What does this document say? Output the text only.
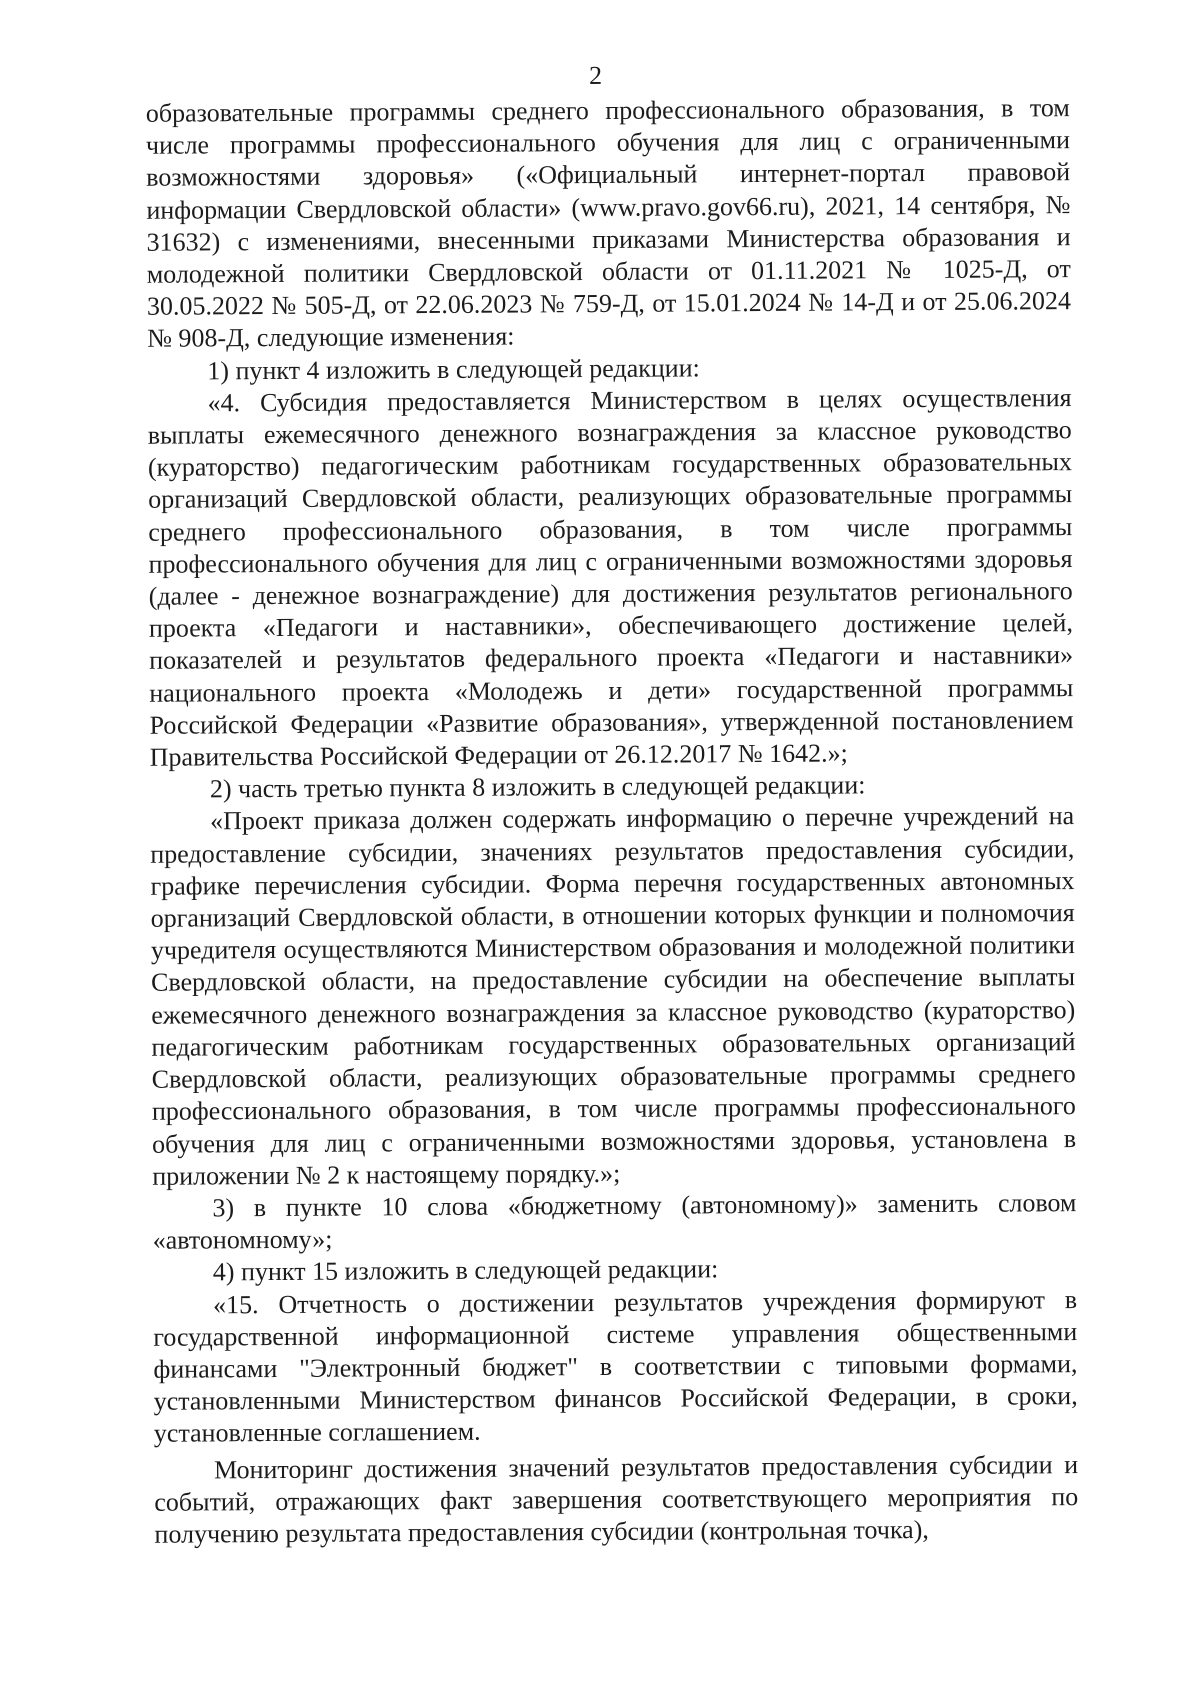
2

образовательные программы среднего профессионального образования, в том числе программы профессионального обучения для лиц с ограниченными возможностями здоровья» («Официальный интернет-портал правовой информации Свердловской области» (www.pravo.gov66.ru), 2021, 14 сентября, № 31632) с изменениями, внесенными приказами Министерства образования и молодежной политики Свердловской области от 01.11.2021 № 1025-Д, от 30.05.2022 № 505-Д, от 22.06.2023 № 759-Д, от 15.01.2024 № 14-Д и от 25.06.2024 № 908-Д, следующие изменения:

1) пункт 4 изложить в следующей редакции:

«4. Субсидия предоставляется Министерством в целях осуществления выплаты ежемесячного денежного вознаграждения за классное руководство (кураторство) педагогическим работникам государственных образовательных организаций Свердловской области, реализующих образовательные программы среднего профессионального образования, в том числе программы профессионального обучения для лиц с ограниченными возможностями здоровья (далее - денежное вознаграждение) для достижения результатов регионального проекта «Педагоги и наставники», обеспечивающего достижение целей, показателей и результатов федерального проекта «Педагоги и наставники» национального проекта «Молодежь и дети» государственной программы Российской Федерации «Развитие образования», утвержденной постановлением Правительства Российской Федерации от 26.12.2017 № 1642.»;

2) часть третью пункта 8 изложить в следующей редакции:

«Проект приказа должен содержать информацию о перечне учреждений на предоставление субсидии, значениях результатов предоставления субсидии, графике перечисления субсидии. Форма перечня государственных автономных организаций Свердловской области, в отношении которых функции и полномочия учредителя осуществляются Министерством образования и молодежной политики Свердловской области, на предоставление субсидии на обеспечение выплаты ежемесячного денежного вознаграждения за классное руководство (кураторство) педагогическим работникам государственных образовательных организаций Свердловской области, реализующих образовательные программы среднего профессионального образования, в том числе программы профессионального обучения для лиц с ограниченными возможностями здоровья, установлена в приложении № 2 к настоящему порядку.»;

3) в пункте 10 слова «бюджетному (автономному)» заменить словом «автономному»;

4) пункт 15 изложить в следующей редакции:

«15. Отчетность о достижении результатов учреждения формируют в государственной информационной системе управления общественными финансами "Электронный бюджет" в соответствии с типовыми формами, установленными Министерством финансов Российской Федерации, в сроки, установленные соглашением.

Мониторинг достижения значений результатов предоставления субсидии и событий, отражающих факт завершения соответствующего мероприятия по получению результата предоставления субсидии (контрольная точка),
